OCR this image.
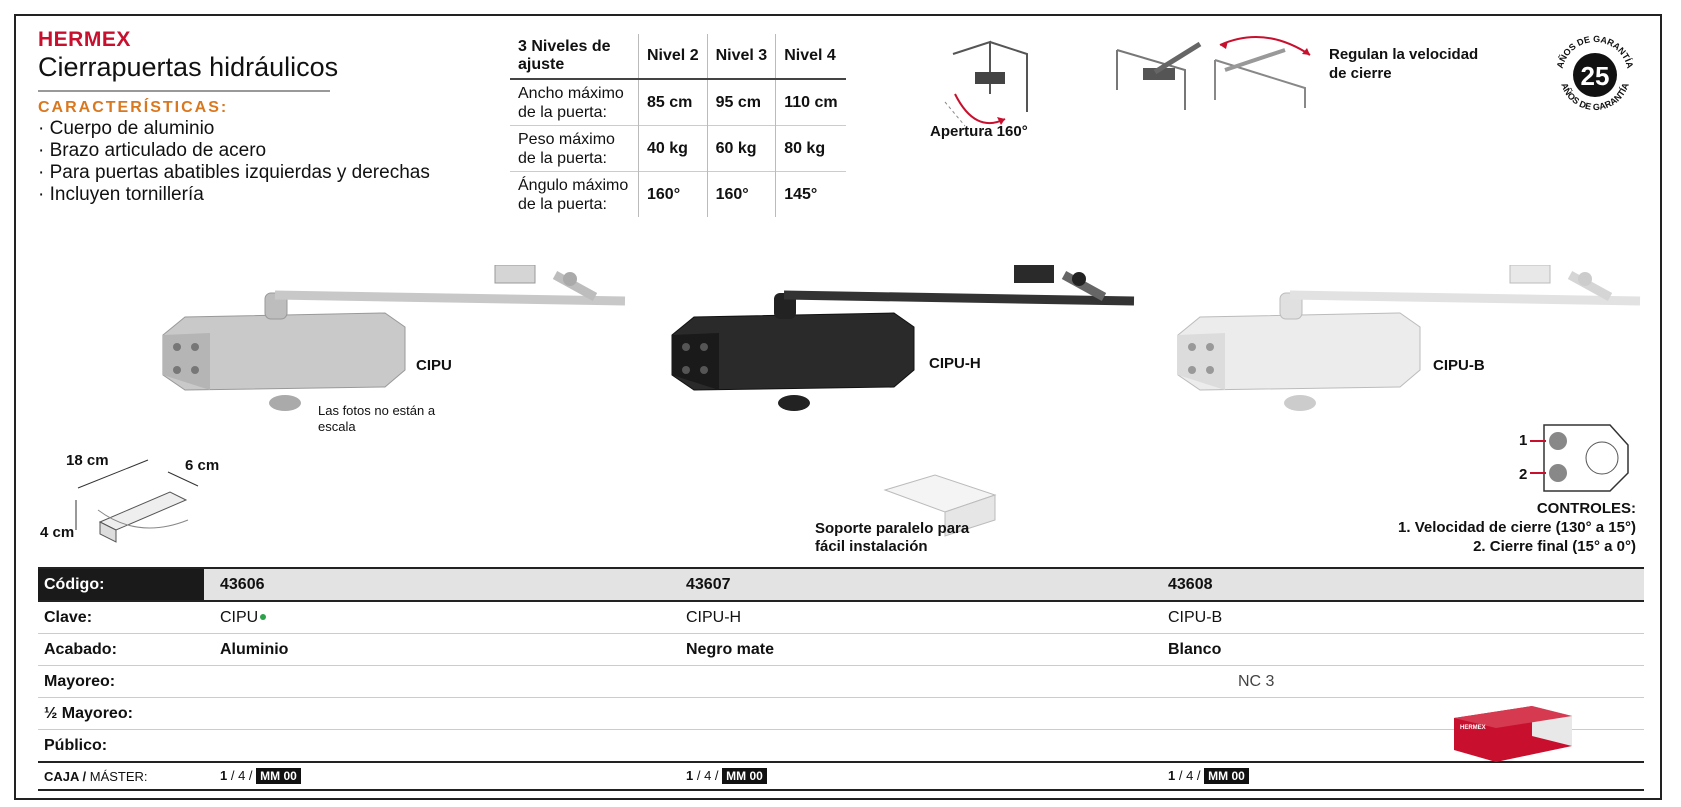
HERMEX
Cierrapuertas hidráulicos
CARACTERÍSTICAS:
· Cuerpo de aluminio
· Brazo articulado de acero
· Para puertas abatibles izquierdas y derechas
· Incluyen tornillería
3 Niveles de ajuste	Nivel 2	Nivel 3	Nivel 4
Ancho máximo de la puerta:	85 cm	95 cm	110 cm
Peso máximo de la puerta:	40 kg	60 kg	80 kg
Ángulo máximo de la puerta:	160°	160°	145°
Apertura 160°
Regulan la velocidad de cierre	25
AÑOS DE GARANTÍA
AÑOS DE GARANTÍA
CIPU
Las fotos no están a escala
CIPU-H	CIPU-B
18 cm	6 cm
4 cm	Soporte paralelo para fácil instalación
1
2
CONTROLES:
1. Velocidad de cierre (130° a 15°)
2. Cierre final (15° a 0°)
Código:	43606	43607	43608
Clave:	CIPU	CIPU-H	CIPU-B
Acabado:	Aluminio	Negro mate	Blanco
Mayoreo:			NC 3
½ Mayoreo:			
Público:			
CAJA / MÁSTER:	1 / 4 / MM 00	1 / 4 / MM 00	1 / 4 / MM 00
HERMEX
